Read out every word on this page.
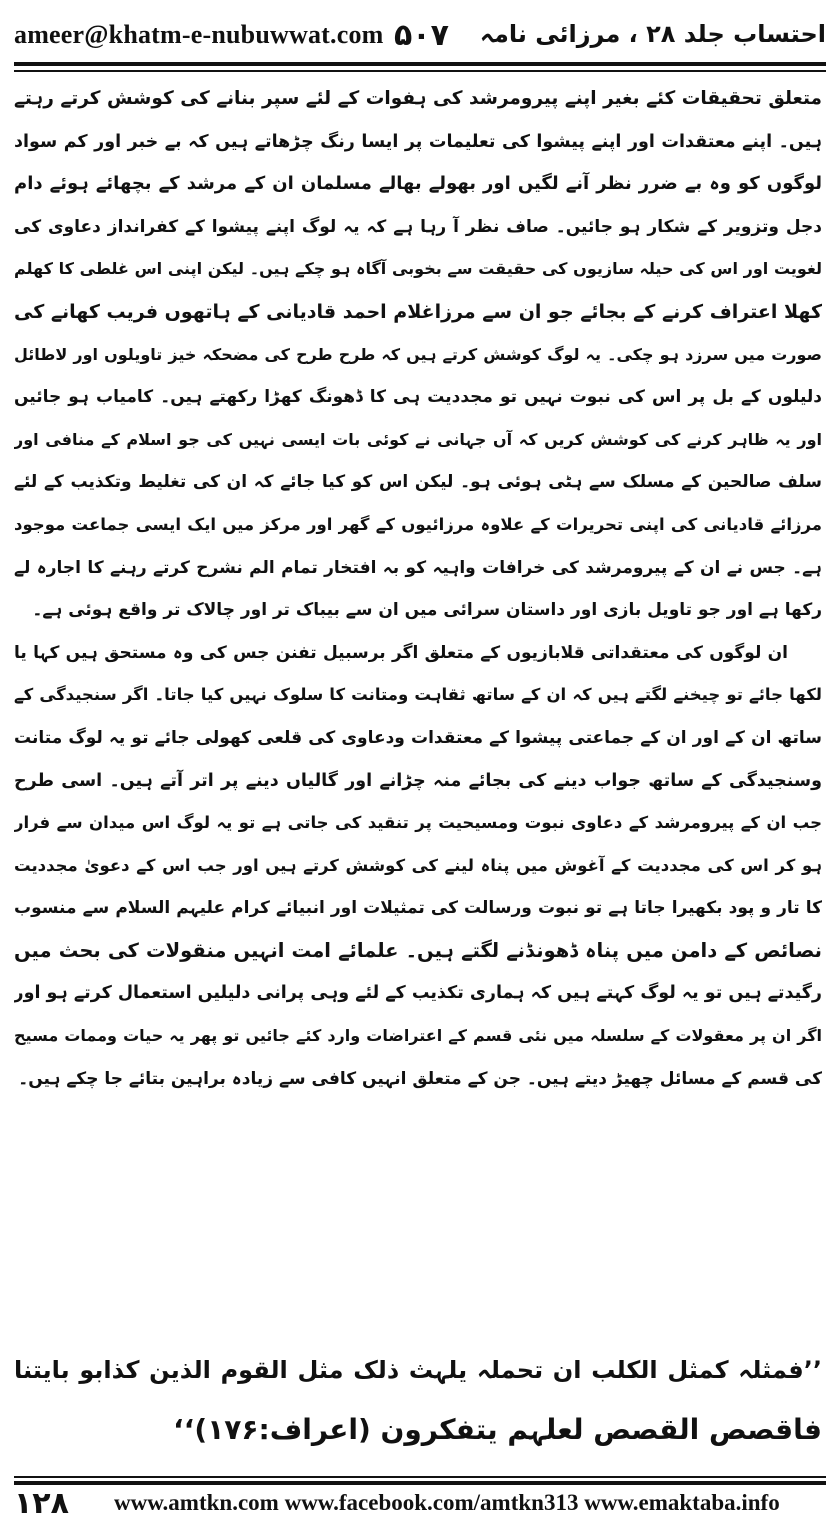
ameer@khatm-e-nubuwwat.com ۵۰۷ احتساب جلد ۲۸ ، مرزائی نامہ
متعلق تحقیقات کئے بغیر اپنے پیرومرشد کی ہفوات کے لئے سپر بنانے کی کوشش کرتے رہتے
ہیں۔ اپنے معتقدات اور اپنے پیشوا کی تعلیمات پر ایسا رنگ چڑھاتے ہیں کہ بے خبر اور کم سواد
لوگوں کو وہ بے ضرر نظر آنے لگیں اور بھولے بھالے مسلمان ان کے مرشد کے بچھائے ہوئے دام
دجل وتزویر کے شکار ہو جائیں۔ صاف نظر آ رہا ہے کہ یہ لوگ اپنے پیشوا کے کفرانداز دعاوی کی
لغویت اور اس کی حیلہ سازیوں کی حقیقت سے بخوبی آگاہ ہو چکے ہیں۔ لیکن اپنی اس غلطی کا کھلم
کھلا اعتراف کرنے کے بجائے جو ان سے مرزاغلام احمد قادیانی کے ہاتھوں فریب کھانے کی
صورت میں سرزد ہو چکی۔ یہ لوگ کوشش کرتے ہیں کہ طرح طرح کی مضحکہ خیز تاویلوں اور لاطائل
دلیلوں کے بل پر اس کی نبوت نہیں تو مجددیت ہی کا ڈھونگ کھڑا رکھتے ہیں۔ کامیاب ہو جائیں
اور یہ ظاہر کرنے کی کوشش کریں کہ آں جہانی نے کوئی بات ایسی نہیں کی جو اسلام کے منافی اور
سلف صالحین کے مسلک سے ہٹی ہوئی ہو۔ لیکن اس کو کیا جائے کہ ان کی تغلیط وتکذیب کے لئے
مرزائے قادیانی کی اپنی تحریرات کے علاوہ مرزائیوں کے گھر اور مرکز میں ایک ایسی جماعت موجود
ہے۔ جس نے ان کے پیرومرشد کی خرافات واہیہ کو بہ افتخار تمام الم نشرح کرتے رہنے کا اجارہ لے
رکھا ہے اور جو تاویل بازی اور داستان سرائی میں ان سے بیباک تر اور چالاک تر واقع ہوئی ہے۔
ان لوگوں کی معتقداتی قلابازیوں کے متعلق اگر برسبیل تفنن جس کی وہ مستحق ہیں کہا یا
لکھا جائے تو چیخنے لگتے ہیں کہ ان کے ساتھ ثقاہت ومتانت کا سلوک نہیں کیا جاتا۔ اگر سنجیدگی کے
ساتھ ان کے اور ان کے جماعتی پیشوا کے معتقدات ودعاوی کی قلعی کھولی جائے تو یہ لوگ متانت
وسنجیدگی کے ساتھ جواب دینے کی بجائے منہ چڑانے اور گالیاں دینے پر اتر آتے ہیں۔ اسی طرح
جب ان کے پیرومرشد کے دعاوی نبوت ومسیحیت پر تنقید کی جاتی ہے تو یہ لوگ اس میدان سے فرار
ہو کر اس کی مجددیت کے آغوش میں پناہ لینے کی کوشش کرتے ہیں اور جب اس کے دعویٰ مجددیت
کا تار و پود بکھیرا جاتا ہے تو نبوت ورسالت کی تمثیلات اور انبیائے کرام علیہم السلام سے منسوب
نصائص کے دامن میں پناہ ڈھونڈنے لگتے ہیں۔ علمائے امت انہیں منقولات کی بحث میں
رگیدتے ہیں تو یہ لوگ کہتے ہیں کہ ہماری تکذیب کے لئے وہی پرانی دلیلیں استعمال کرتے ہو اور
اگر ان پر معقولات کے سلسلہ میں نئی قسم کے اعتراضات وارد کئے جائیں تو پھر یہ حیات وممات مسیح
کی قسم کے مسائل چھیڑ دیتے ہیں۔ جن کے متعلق انہیں کافی سے زیادہ براہین بتائے جا چکے ہیں۔
’’فمثلہ کمثل الکلب ان تحملہ یلہث ذلک مثل القوم الذین کذابو بایتنا
فاقصص القصص لعلہم یتفکرون (اعراف:۱۷۶)‘‘
۱۲۸ www.amtkn.com www.facebook.com/amtkn313 www.emaktaba.info
